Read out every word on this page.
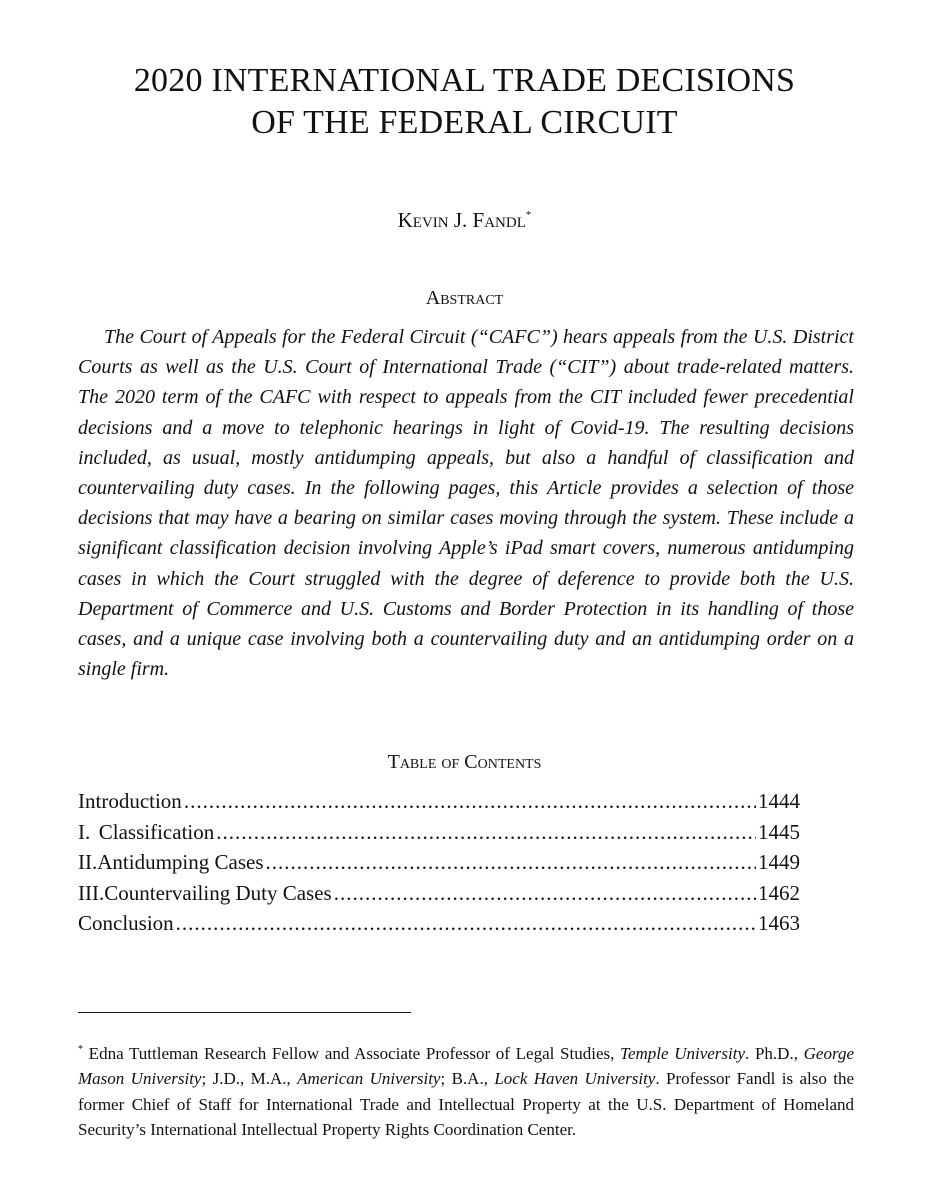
2020 INTERNATIONAL TRADE DECISIONS
OF THE FEDERAL CIRCUIT
Kevin J. Fandl*
Abstract

The Court of Appeals for the Federal Circuit (“CAFC”) hears appeals from the U.S. District Courts as well as the U.S. Court of International Trade (“CIT”) about trade-related matters. The 2020 term of the CAFC with respect to appeals from the CIT included fewer precedential decisions and a move to telephonic hearings in light of Covid-19. The resulting decisions included, as usual, mostly antidumping appeals, but also a handful of classification and countervailing duty cases. In the following pages, this Article provides a selection of those decisions that may have a bearing on similar cases moving through the system. These include a significant classification decision involving Apple’s iPad smart covers, numerous antidumping cases in which the Court struggled with the degree of deference to provide both the U.S. Department of Commerce and U.S. Customs and Border Protection in its handling of those cases, and a unique case involving both a countervailing duty and an antidumping order on a single firm.

Table of Contents
Introduction .....	1444
I. Classification .....	1445
II. Antidumping Cases .....	1449
III. Countervailing Duty Cases .....	1462
Conclusion .....	1463

* Edna Tuttleman Research Fellow and Associate Professor of Legal Studies, Temple University. Ph.D., George Mason University; J.D., M.A., American University; B.A., Lock Haven University. Professor Fandl is also the former Chief of Staff for International Trade and Intellectual Property at the U.S. Department of Homeland Security’s International Intellectual Property Rights Coordination Center.
